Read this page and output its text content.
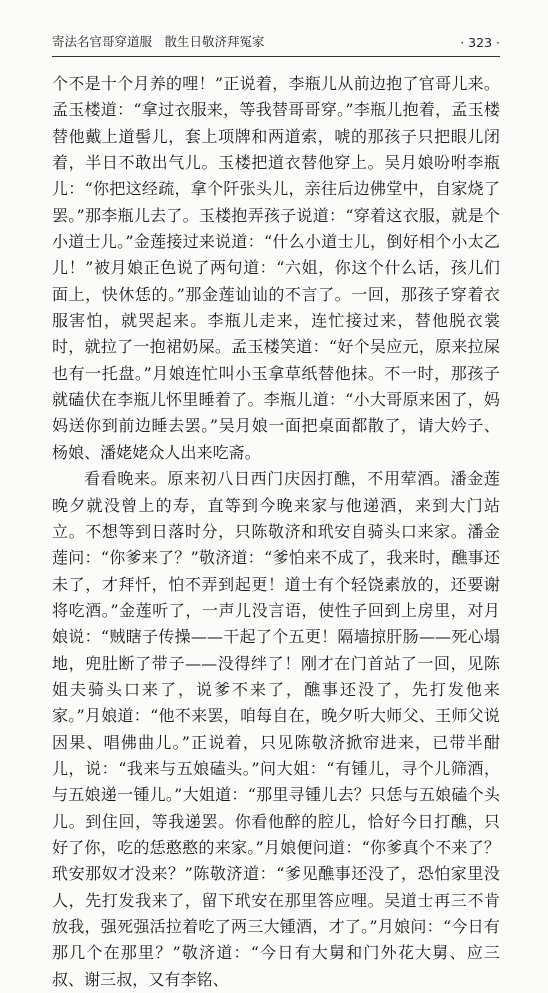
寄法名官哥穿道服　散生日敬济拜冤家	· 323 ·

个不是十个月养的哩！”正说着，李瓶儿从前边抱了官哥儿来。孟玉楼道：“拿过衣服来，等我替哥哥穿。”李瓶儿抱着，孟玉楼替他戴上道髻儿，套上项牌和两道索，唬的那孩子只把眼儿闭着，半日不敢出气儿。玉楼把道衣替他穿上。吴月娘吩咐李瓶儿：“你把这经疏，拿个阡张头儿，亲往后边佛堂中，自家烧了罢。”那李瓶儿去了。玉楼抱弄孩子说道：“穿着这衣服，就是个小道士儿。”金莲接过来说道：“什么小道士儿，倒好相个小太乙儿！”被月娘正色说了两句道：“六姐，你这个什么话，孩儿们面上，快休恁的。”那金莲讪讪的不言了。一回，那孩子穿着衣服害怕，就哭起来。李瓶儿走来，连忙接过来，替他脱衣裳时，就拉了一抱裙奶屎。孟玉楼笑道：“好个吴应元，原来拉屎也有一托盘。”月娘连忙叫小玉拿草纸替他抹。不一时，那孩子就磕伏在李瓶儿怀里睡着了。李瓶儿道：“小大哥原来困了，妈妈送你到前边睡去罢。”吴月娘一面把桌面都散了，请大妗子、杨娘、潘姥姥众人出来吃斋。

看看晚来。原来初八日西门庆因打醮，不用荤酒。潘金莲晚夕就没曾上的寿，直等到今晚来家与他递酒，来到大门站立。不想等到日落时分，只陈敬济和玳安自骑头口来家。潘金莲问：“你爹来了？”敬济道：“爹怕来不成了，我来时，醮事还未了，才拜忏，怕不弄到起更！道士有个轻饶素放的，还要谢将吃酒。”金莲听了，一声儿没言语，使性子回到上房里，对月娘说：“贼瞎子传操——干起了个五更！隔墙掠肝肠——死心塌地，兜肚断了带子——没得绊了！刚才在门首站了一回，见陈姐夫骑头口来了，说爹不来了，醮事还没了，先打发他来家。”月娘道：“他不来罢，咱每自在，晚夕听大师父、王师父说因果、唱佛曲儿。”正说着，只见陈敬济掀帘进来，已带半酣儿，说：“我来与五娘磕头。”问大姐：“有锺儿，寻个儿筛酒，与五娘递一锺儿。”大姐道：“那里寻锺儿去？只恁与五娘磕个头儿。到住回，等我递罢。你看他醉的腔儿，恰好今日打醮，只好了你，吃的恁憨憨的来家。”月娘便问道：“你爹真个不来了？玳安那奴才没来？”陈敬济道：“爹见醮事还没了，恐怕家里没人，先打发我来了，留下玳安在那里答应哩。吴道士再三不肯放我，强死强活拉着吃了两三大锺酒，才了。”月娘问：“今日有那几个在那里？”敬济道：“今日有大舅和门外花大舅、应三叔、谢三叔，又有李铭、
